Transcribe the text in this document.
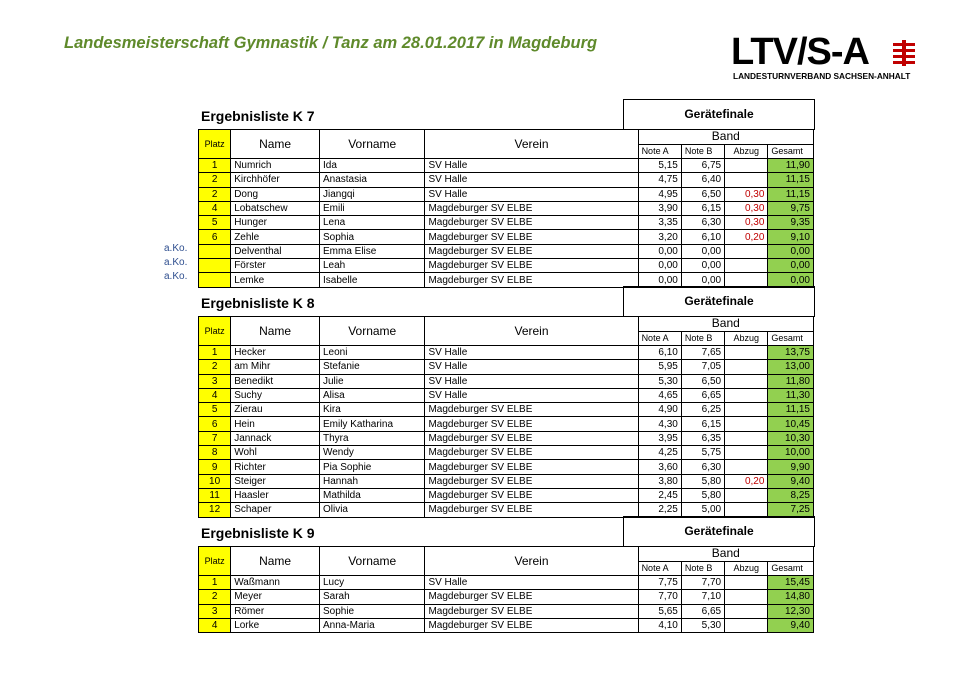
Landesmeisterschaft Gymnastik / Tanz am 28.01.2017 in Magdeburg	LTV/S-A
LANDESTURNVERBAND SACHSEN-ANHALT
Ergebnisliste K 7	Gerätefinale
Platz	Name	Vorname	Verein	Band			
				Note A	Note B	Abzug	Gesamt
1	Numrich	Ida	SV Halle	5,15	6,75		11,90
2	Kirchhöfer	Anastasia	SV Halle	4,75	6,40		11,15
2	Dong	Jiangqi	SV Halle	4,95	6,50	0,30	11,15
4	Lobatschew	Emili	Magdeburger SV ELBE	3,90	6,15	0,30	9,75
5	Hunger	Lena	Magdeburger SV ELBE	3,35	6,30	0,30	9,35
6	Zehle	Sophia	Magdeburger SV ELBE	3,20	6,10	0,20	9,10
	Delventhal	Emma Elise	Magdeburger SV ELBE	0,00	0,00		0,00
	Förster	Leah	Magdeburger SV ELBE	0,00	0,00		0,00
	Lemke	Isabelle	Magdeburger SV ELBE	0,00	0,00		0,00
a.Ko.
a.Ko.
a.Ko.
Ergebnisliste K 8	Gerätefinale
Platz	Name	Vorname	Verein	Band			
				Note A	Note B	Abzug	Gesamt
1	Hecker	Leoni	SV Halle	6,10	7,65		13,75
2	am Mihr	Stefanie	SV Halle	5,95	7,05		13,00
3	Benedikt	Julie	SV Halle	5,30	6,50		11,80
4	Suchy	Alisa	SV Halle	4,65	6,65		11,30
5	Zierau	Kira	Magdeburger SV ELBE	4,90	6,25		11,15
6	Hein	Emily Katharina	Magdeburger SV ELBE	4,30	6,15		10,45
7	Jannack	Thyra	Magdeburger SV ELBE	3,95	6,35		10,30
8	Wohl	Wendy	Magdeburger SV ELBE	4,25	5,75		10,00
9	Richter	Pia Sophie	Magdeburger SV ELBE	3,60	6,30		9,90
10	Steiger	Hannah	Magdeburger SV ELBE	3,80	5,80	0,20	9,40
11	Haasler	Mathilda	Magdeburger SV ELBE	2,45	5,80		8,25
12	Schaper	Olivia	Magdeburger SV ELBE	2,25	5,00		7,25
Ergebnisliste K 9	Gerätefinale
Platz	Name	Vorname	Verein	Band			
				Note A	Note B	Abzug	Gesamt
1	Waßmann	Lucy	SV Halle	7,75	7,70		15,45
2	Meyer	Sarah	Magdeburger SV ELBE	7,70	7,10		14,80
3	Römer	Sophie	Magdeburger SV ELBE	5,65	6,65		12,30
4	Lorke	Anna-Maria	Magdeburger SV ELBE	4,10	5,30		9,40
